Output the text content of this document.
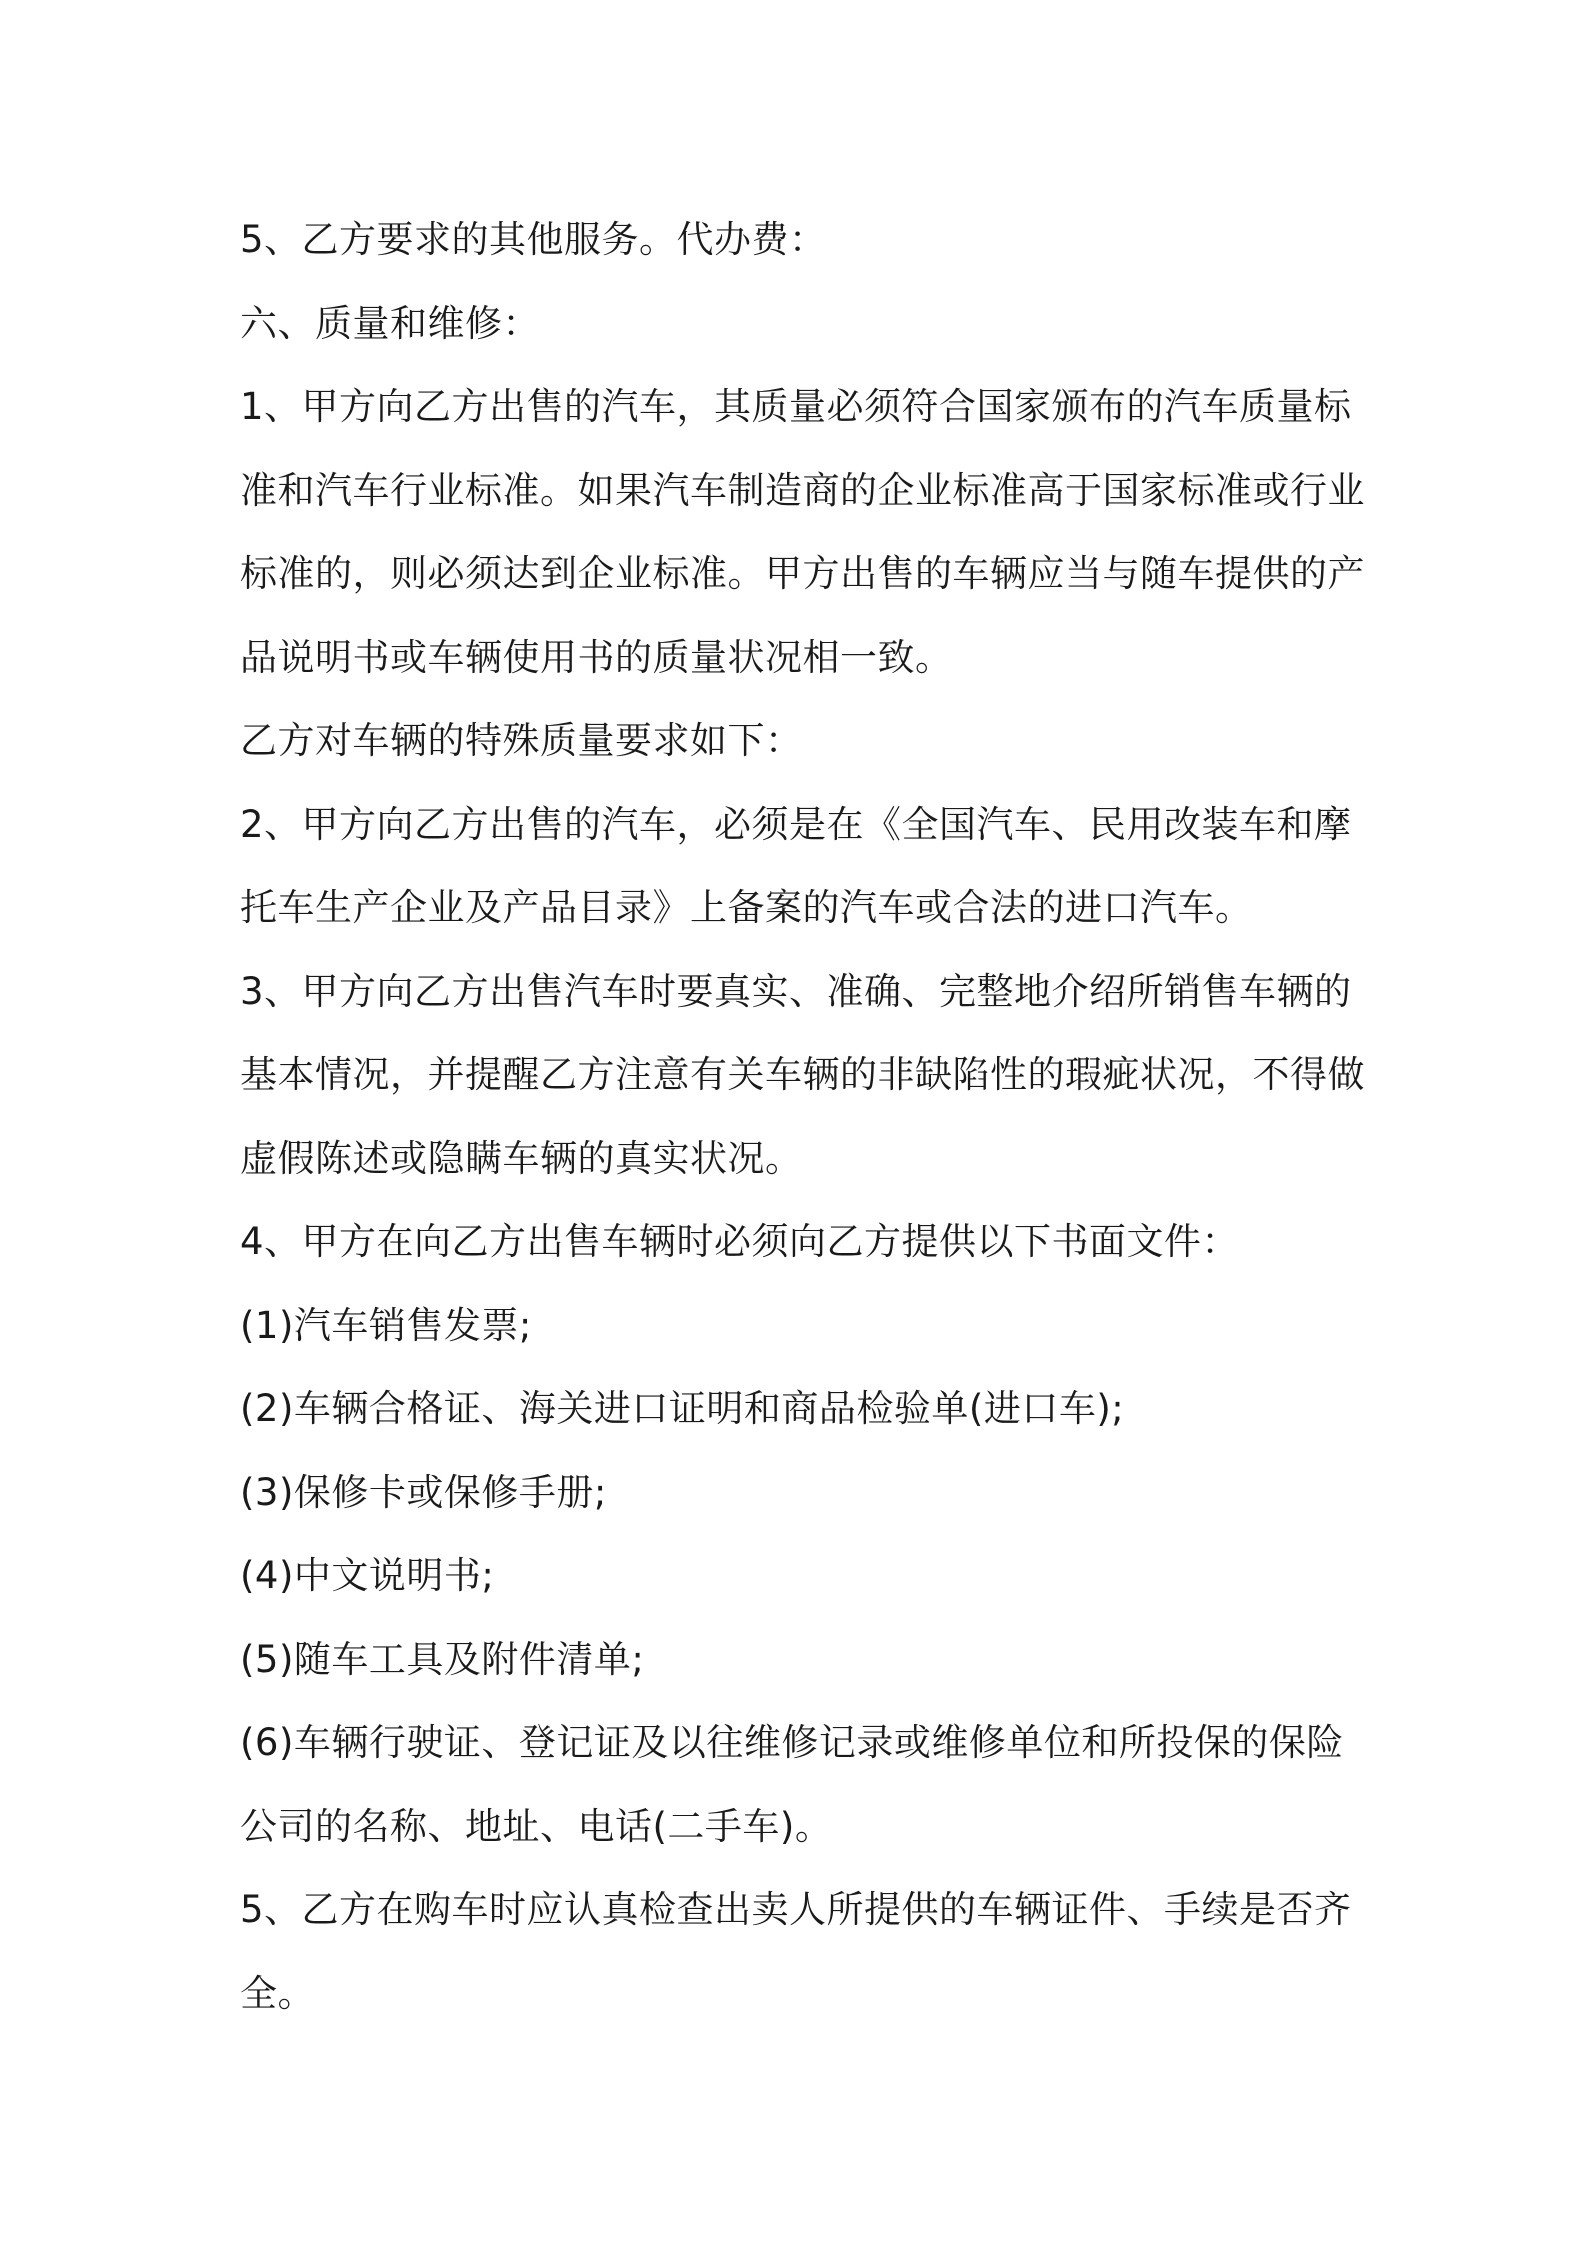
5、乙方要求的其他服务。代办费：

六、质量和维修：

1、甲方向乙方出售的汽车，其质量必须符合国家颁布的汽车质量标

准和汽车行业标准。如果汽车制造商的企业标准高于国家标准或行业

标准的，则必须达到企业标准。甲方出售的车辆应当与随车提供的产

品说明书或车辆使用书的质量状况相一致。

乙方对车辆的特殊质量要求如下：

2、甲方向乙方出售的汽车，必须是在《全国汽车、民用改装车和摩

托车生产企业及产品目录》上备案的汽车或合法的进口汽车。

3、甲方向乙方出售汽车时要真实、准确、完整地介绍所销售车辆的

基本情况，并提醒乙方注意有关车辆的非缺陷性的瑕疵状况，不得做

虚假陈述或隐瞒车辆的真实状况。

4、甲方在向乙方出售车辆时必须向乙方提供以下书面文件：

(1)汽车销售发票;

(2)车辆合格证、海关进口证明和商品检验单(进口车);

(3)保修卡或保修手册;

(4)中文说明书;

(5)随车工具及附件清单;

(6)车辆行驶证、登记证及以往维修记录或维修单位和所投保的保险

公司的名称、地址、电话(二手车)。

5、乙方在购车时应认真检查出卖人所提供的车辆证件、手续是否齐

全。
